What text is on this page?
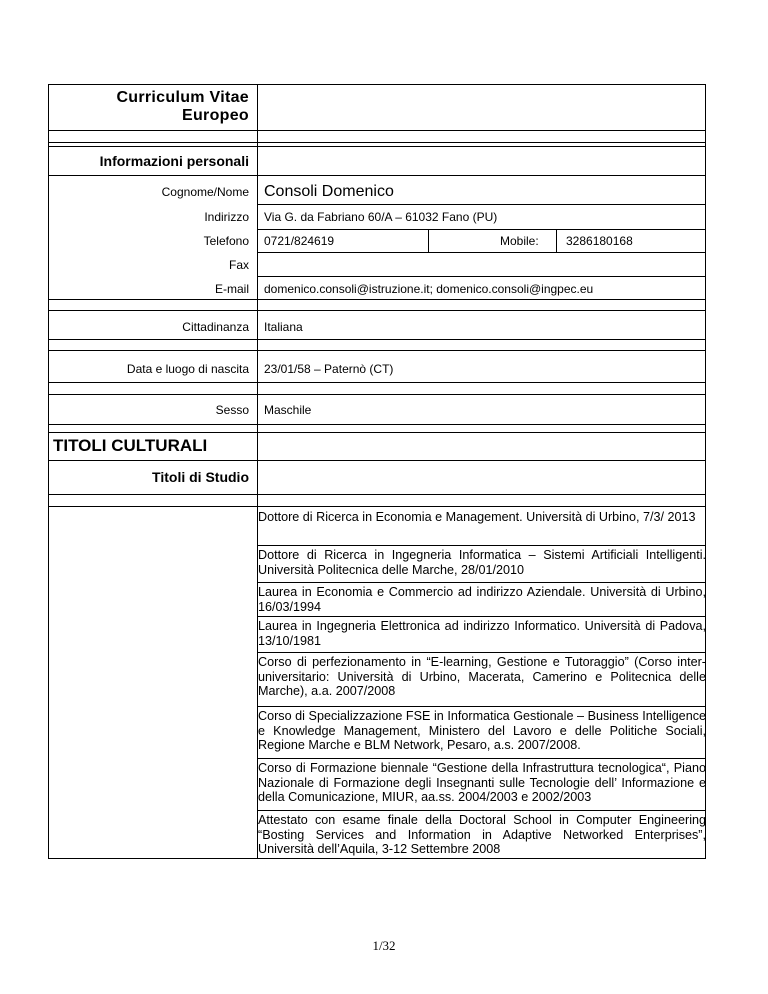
Curriculum Vitae
Europeo
Informazioni personali
Cognome/Nome Consoli Domenico
Indirizzo Via G. da Fabriano 60/A – 61032 Fano (PU)
Telefono 0721/824619	Mobile: 3286180168
Fax
E-mail domenico.consoli@istruzione.it; domenico.consoli@ingpec.eu
Cittadinanza Italiana
Data e luogo di nascita 23/01/58 – Paternò (CT)
Sesso Maschile
TITOLI CULTURALI
Titoli di Studio
Dottore di Ricerca in Economia e Management. Università di Urbino, 7/3/ 2013
Dottore di Ricerca in Ingegneria Informatica – Sistemi Artificiali Intelligenti. Università Politecnica delle Marche, 28/01/2010
Laurea in Economia e Commercio ad indirizzo Aziendale. Università di Urbino, 16/03/1994
Laurea in Ingegneria Elettronica ad indirizzo Informatico. Università di Padova, 13/10/1981
Corso di perfezionamento in “E-learning, Gestione e Tutoraggio” (Corso inter-universitario: Università di Urbino, Macerata, Camerino e Politecnica delle Marche), a.a. 2007/2008
Corso di Specializzazione FSE in Informatica Gestionale – Business Intelligence e Knowledge Management, Ministero del Lavoro e delle Politiche Sociali, Regione Marche e BLM Network, Pesaro, a.s. 2007/2008.
Corso di Formazione biennale “Gestione della Infrastruttura tecnologica“, Piano Nazionale di Formazione degli Insegnanti sulle Tecnologie dell’ Informazione e della Comunicazione, MIUR, aa.ss. 2004/2003 e 2002/2003
Attestato con esame finale della Doctoral School in Computer Engineering “Bosting Services and Information in Adaptive Networked Enterprises”, Università dell’Aquila, 3-12 Settembre 2008
1/32
